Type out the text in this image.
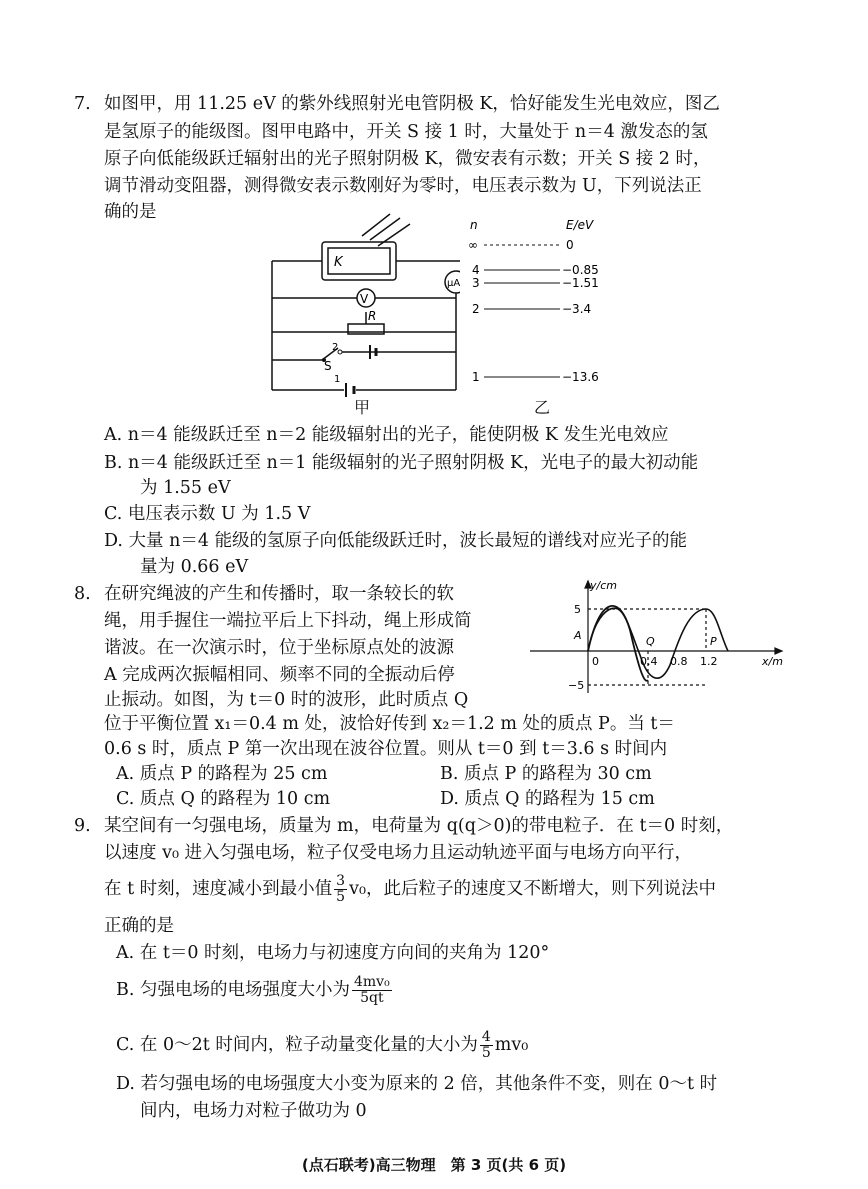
7. 如图甲，用 11.25 eV 的紫外线照射光电管阴极 K，恰好能发生光电效应，图乙
是氢原子的能级图。图甲电路中，开关 S 接 1 时，大量处于 n＝4 激发态的氢
原子向低能级跃迁辐射出的光子照射阴极 K，微安表有示数；开关 S 接 2 时，
调节滑动变阻器，测得微安表示数刚好为零时，电压表示数为 U，下列说法正
确的是
V
μA
K
R
S
2
1
n	E/eV
∞	0
4	−0.85
3	−1.51
2	−3.4
1	−13.6
甲	乙
A. n＝4 能级跃迁至 n＝2 能级辐射出的光子，能使阴极 K 发生光电效应
B. n＝4 能级跃迁至 n＝1 能级辐射的光子照射阴极 K，光电子的最大初动能
为 1.55 eV
C. 电压表示数 U 为 1.5 V
D. 大量 n＝4 能级的氢原子向低能级跃迁时，波长最短的谱线对应光子的能
量为 0.66 eV
8. 在研究绳波的产生和传播时，取一条较长的软
绳，用手握住一端拉平后上下抖动，绳上形成简
谐波。在一次演示时，位于坐标原点处的波源
A 完成两次振幅相同、频率不同的全振动后停
止振动。如图，为 t＝0 时的波形，此时质点 Q
位于平衡位置 x₁＝0.4 m 处，波恰好传到 x₂＝1.2 m 处的质点 P。当 t＝
0.6 s 时，质点 P 第一次出现在波谷位置。则从 t＝0 到 t＝3.6 s 时间内
y/cm
x/m
5
−5
0	0.4 0.8 1.2
A	Q	P
A. 质点 P 的路程为 25 cm	B. 质点 P 的路程为 30 cm
C. 质点 Q 的路程为 10 cm	D. 质点 Q 的路程为 15 cm
9. 某空间有一匀强电场，质量为 m，电荷量为 q(q＞0)的带电粒子．在 t＝0 时刻，
以速度 v₀ 进入匀强电场，粒子仅受电场力且运动轨迹平面与电场方向平行，
在 t 时刻，速度减小到最小值 $\frac{3}{5} v_0$，此后粒子的速度又不断增大，则下列说法中
正确的是
A. 在 t＝0 时刻，电场力与初速度方向间的夹角为 120°
B. 匀强电场的电场强度大小为 $\frac{\text{4mv₀}}{5qt}$
C. 在 0～2t 时间内，粒子动量变化量的大小为 $\frac{4}{5} mv_0$
D. 若匀强电场的电场强度大小变为原来的 2 倍，其他条件不变，则在 0～t 时
间内，电场力对粒子做功为 0
(点石联考)高三物理　第 3 页(共 6 页)
